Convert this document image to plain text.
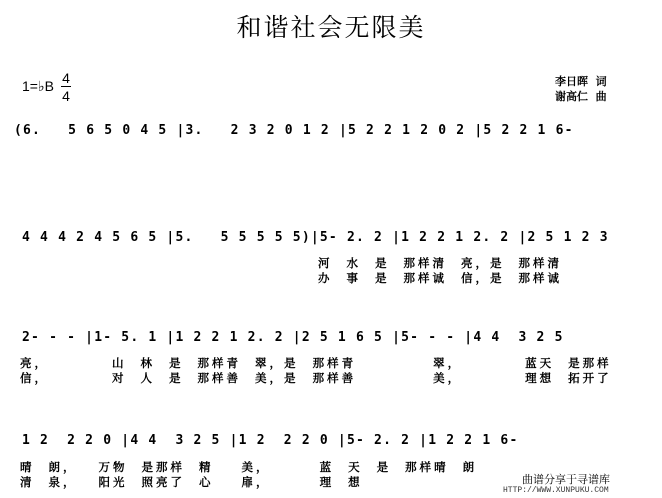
和谐社会无限美
1=♭B 4
4
李日晖  词
谢高仁  曲
(6.   5 6 5 0 4 5 |3.   2 3 2 0 1 2 |5 2 2 1 2 0 2 |5 2 2 1 6-
4 4 4 2 4 5 6 5 |5.   5 5 5 5 5)|5- 2. 2 |1 2 2 1 2. 2 |2 5 1 2 3
河  水  是  那样清  亮，是  那样清
办  事  是  那样诚  信，是  那样诚
2- - - |1- 5. 1 |1 2 2 1 2. 2 |2 5 1 6 5 |5- - - |4 4  3 2 5
亮，         山  林  是  那样青  翠，是  那样青           翠，         蓝天  是那样
信，         对  人  是  那样善  美，是  那样善           美，         理想  拓开了
1 2  2 2 0 |4 4  3 2 5 |1 2  2 2 0 |5- 2. 2 |1 2 2 1 6-
晴  朗，   万物  是那样  精    美，       蓝  天  是  那样晴  朗
清  泉，   阳光  照亮了  心    扉，       理  想	曲谱分享于寻谱库
HTTP://WWW.XUNPUKU.COM
